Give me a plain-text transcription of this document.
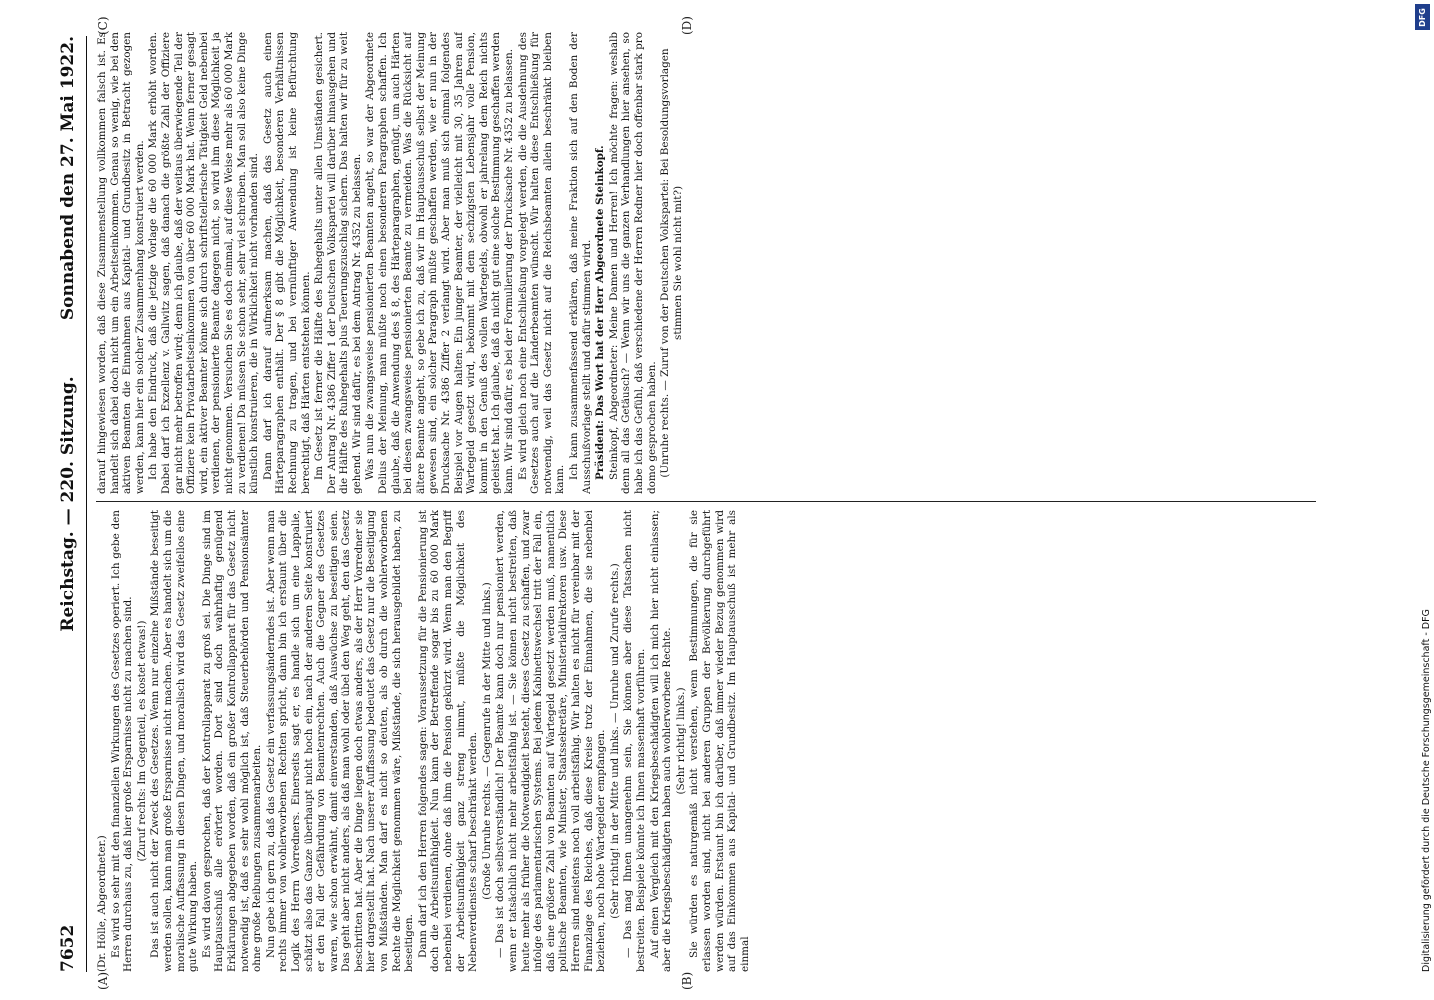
7652
Reichstag. — 220. Sitzung.
Sonnabend den 27. Mai 1922.
(A)	(B)
(C)	(D)

(Dr. Hölle, Abgeordneter.) Es wird so sehr mit den finanziellen Wirkungen des Gesetzes operiert. Ich gebe den Herren durchaus zu, daß hier große Ersparnisse nicht zu machen sind. (Zuruf rechts: Im Gegenteil, es kostet etwas!) Das ist auch nicht der Zweck des Gesetzes. Wenn nur einzelne Mißstände beseitigt werden sollen, kann man große Ersparnisse nicht machen. Aber es handelt sich um die moralische Auffassung in diesen Dingen, und moralisch wird das Gesetz zweifellos eine gute Wirkung haben. Es wird davon gesprochen, daß der Kontrollapparat zu groß sei. Die Dinge sind im Hauptausschuß alle erörtert worden. Dort sind doch wahrhaftig genügend Erklärungen abgegeben worden, daß ein großer Kontrollapparat für das Gesetz nicht notwendig ist, daß es sehr wohl möglich ist, daß Steuerbehörden und Pensionsämter ohne große Reibungen zusammenarbeiten. Nun gebe ich gern zu, daß das Gesetz ein verfassungsänderndes ist. Aber wenn man rechts immer von wohlerworbenen Rechten spricht, dann bin ich erstaunt über die Logik des Herrn Vorredners. Einerseits sagt er, es handle sich um eine Lappalie, schätzt also das Ganze überhaupt nicht hoch ein, nach der anderen Seite konstruiert er den Fall der Gefährdung von Beamtenrechten. Auch die Gegner des Gesetzes waren, wie schon erwähnt, damit einverstanden, daß Auswüchse zu beseitigen seien. Das geht aber nicht anders, als daß man wohl oder übel den Weg geht, den das Gesetz beschritten hat. Aber die Dinge liegen doch etwas anders, als der Herr Vorredner sie hier dargestellt hat. Nach unserer Auffassung bedeutet das Gesetz nur die Beseitigung von Mißständen. Man darf es nicht so deuten, als ob durch die wohlerworbenen Rechte die Möglichkeit genommen wäre, Mißstände, die sich herausgebildet haben, zu beseitigen. Dann darf ich den Herren folgendes sagen: Voraussetzung für die Pensionierung ist doch die Arbeitsunfähigkeit. Nun kann der Betreffende sogar bis zu 60 000 Mark nebenbei verdienen, ohne daß ihm die Pension gekürzt wird. Wenn man den Begriff der Arbeitsunfähigkeit ganz streng nimmt, müßte die Möglichkeit des Nebenverdienstes scharf beschränkt werden. (Große Unruhe rechts. — Gegenrufe in der Mitte und links.) — Das ist doch selbstverständlich! Der Beamte kann doch nur pensioniert werden, wenn er tatsächlich nicht mehr arbeitsfähig ist. — Sie können nicht bestreiten, daß heute mehr als früher die Notwendigkeit besteht, dieses Gesetz zu schaffen, und zwar infolge des parlamentarischen Systems. Bei jedem Kabinettswechsel tritt der Fall ein, daß eine größere Zahl von Beamten auf Wartegeld gesetzt werden muß, namentlich politische Beamten, wie Minister, Staatssekretäre, Ministerialdirektoren usw. Diese Herren sind meistens noch voll arbeitsfähig. Wir halten es nicht für vereinbar mit der Finanzlage des Reiches, daß diese Kreise trotz der Einnahmen, die sie nebenbei beziehen, noch hohe Wartegelder empfangen. (Sehr richtig! in der Mitte und links. — Unruhe und Zurufe rechts.) — Das mag Ihnen unangenehm sein, Sie können aber diese Tatsachen nicht bestreiten. Beispiele könnte ich Ihnen massenhaft vorführen. Auf einen Vergleich mit den Kriegsbeschädigten will ich mich hier nicht einlassen; aber die Kriegsbeschädigten haben auch wohlerworbene Rechte. (Sehr richtig! links.) Sie würden es naturgemäß nicht verstehen, wenn Bestimmungen, die für sie erlassen worden sind, nicht bei anderen Gruppen der Bevölkerung durchgeführt werden würden. Erstaunt bin ich darüber, daß immer wieder Bezug genommen wird auf das Einkommen aus Kapital- und Grundbesitz. Im Hauptausschuß ist mehr als einmal

darauf hingewiesen worden, daß diese Zusammenstellung vollkommen falsch ist. Es handelt sich dabei doch nicht um ein Arbeitseinkommen. Genau so wenig, wie bei den aktiven Beamten die Einnahmen aus Kapital- und Grundbesitz in Betracht gezogen werden, kann hier ein solcher Zusammenhang konstruiert werden. Ich habe den Eindruck, daß die jetzige Vorlage die 60 000 Mark erhöht worden. Dabei darf ich Exzellenz v. Gallwitz sagen, daß danach die größte Zahl der Offiziere gar nicht mehr betroffen wird; denn ich glaube, daß der weitaus überwiegende Teil der Offiziere kein Privatarbeitseinkommen von über 60 000 Mark hat. Wenn ferner gesagt wird, ein aktiver Beamter könne sich durch schriftstellerische Tätigkeit Geld nebenbei verdienen, der pensionierte Beamte dagegen nicht, so wird ihm diese Möglichkeit ja nicht genommen. Versuchen Sie es doch einmal, auf diese Weise mehr als 60 000 Mark zu verdienen! Da müssen Sie schon sehr, sehr viel schreiben. Man soll also keine Dinge künstlich konstruieren, die in Wirklichkeit nicht vorhanden sind. Dann darf ich darauf aufmerksam machen, daß das Gesetz auch einen Härteparagraphen enthält. Der § 8 gibt die Möglichkeit, besonderen Verhältnissen Rechnung zu tragen, und bei vernünftiger Anwendung ist keine Befürchtung berechtigt, daß Härten entstehen können. Im Gesetz ist ferner die Hälfte des Ruhegehalts unter allen Umständen gesichert. Der Antrag Nr. 4386 Ziffer 1 der Deutschen Volkspartei will darüber hinausgehen und die Hälfte des Ruhegehalts plus Teuerungszuschlag sichern. Das halten wir für zu weit gehend. Wir sind dafür, es bei dem Antrag Nr. 4352 zu belassen. Was nun die zwangsweise pensionierten Beamten angeht, so war der Abgeordnete Delius der Meinung, man müßte noch einen besonderen Paragraphen schaffen. Ich glaube, daß die Anwendung des § 8, des Härteparagraphen, genügt, um auch Härten bei diesen zwangsweise pensionierten Beamte zu vermeiden. Was die Rücksicht auf ältere Beamte angeht, so gebe ich zu, daß wir im Hauptausschuß selbst der Meinung gewesen sind, ein solcher Paragraph müßte geschaffen werden, wie er nun in der Drucksache Nr. 4386 Ziffer 2 verlangt wird. Aber man muß sich einmal folgendes Beispiel vor Augen halten: Ein junger Beamter, der vielleicht mit 30, 35 Jahren auf Wartegeld gesetzt wird, bekommt mit dem sechzigsten Lebensjahr volle Pension, kommt in den Genuß des vollen Wartegelds, obwohl er jahrelang dem Reich nichts geleistet hat. Ich glaube, daß da nicht gut eine solche Bestimmung geschaffen werden kann. Wir sind dafür, es bei der Formulierung der Drucksache Nr. 4352 zu belassen. Es wird gleich noch eine Entschließung vorgelegt werden, die die Ausdehnung des Gesetzes auch auf die Länderbeamten wünscht. Wir halten diese Entschließung für notwendig, weil das Gesetz nicht auf die Reichsbeamten allein beschränkt bleiben kann. Ich kann zusammenfassend erklären, daß meine Fraktion sich auf den Boden der Ausschußvorlage stellt und dafür stimmen wird. Präsident: Das Wort hat der Herr Abgeordnete Steinkopf. Steinkopf, Abgeordneter: Meine Damen und Herren! Ich möchte fragen: weshalb denn all das Getäusch? — Wenn wir uns die ganzen Verhandlungen hier ansehen, so habe ich das Gefühl, daß verschiedene der Herren Redner hier doch offenbar stark pro domo gesprochen haben. (Unruhe rechts. — Zuruf von der Deutschen Volkspartei: Bei Besoldungsvorlagen stimmen Sie wohl nicht mit?)

DFG
Digitalisierung gefördert durch die Deutsche Forschungsgemeinschaft - DFG
